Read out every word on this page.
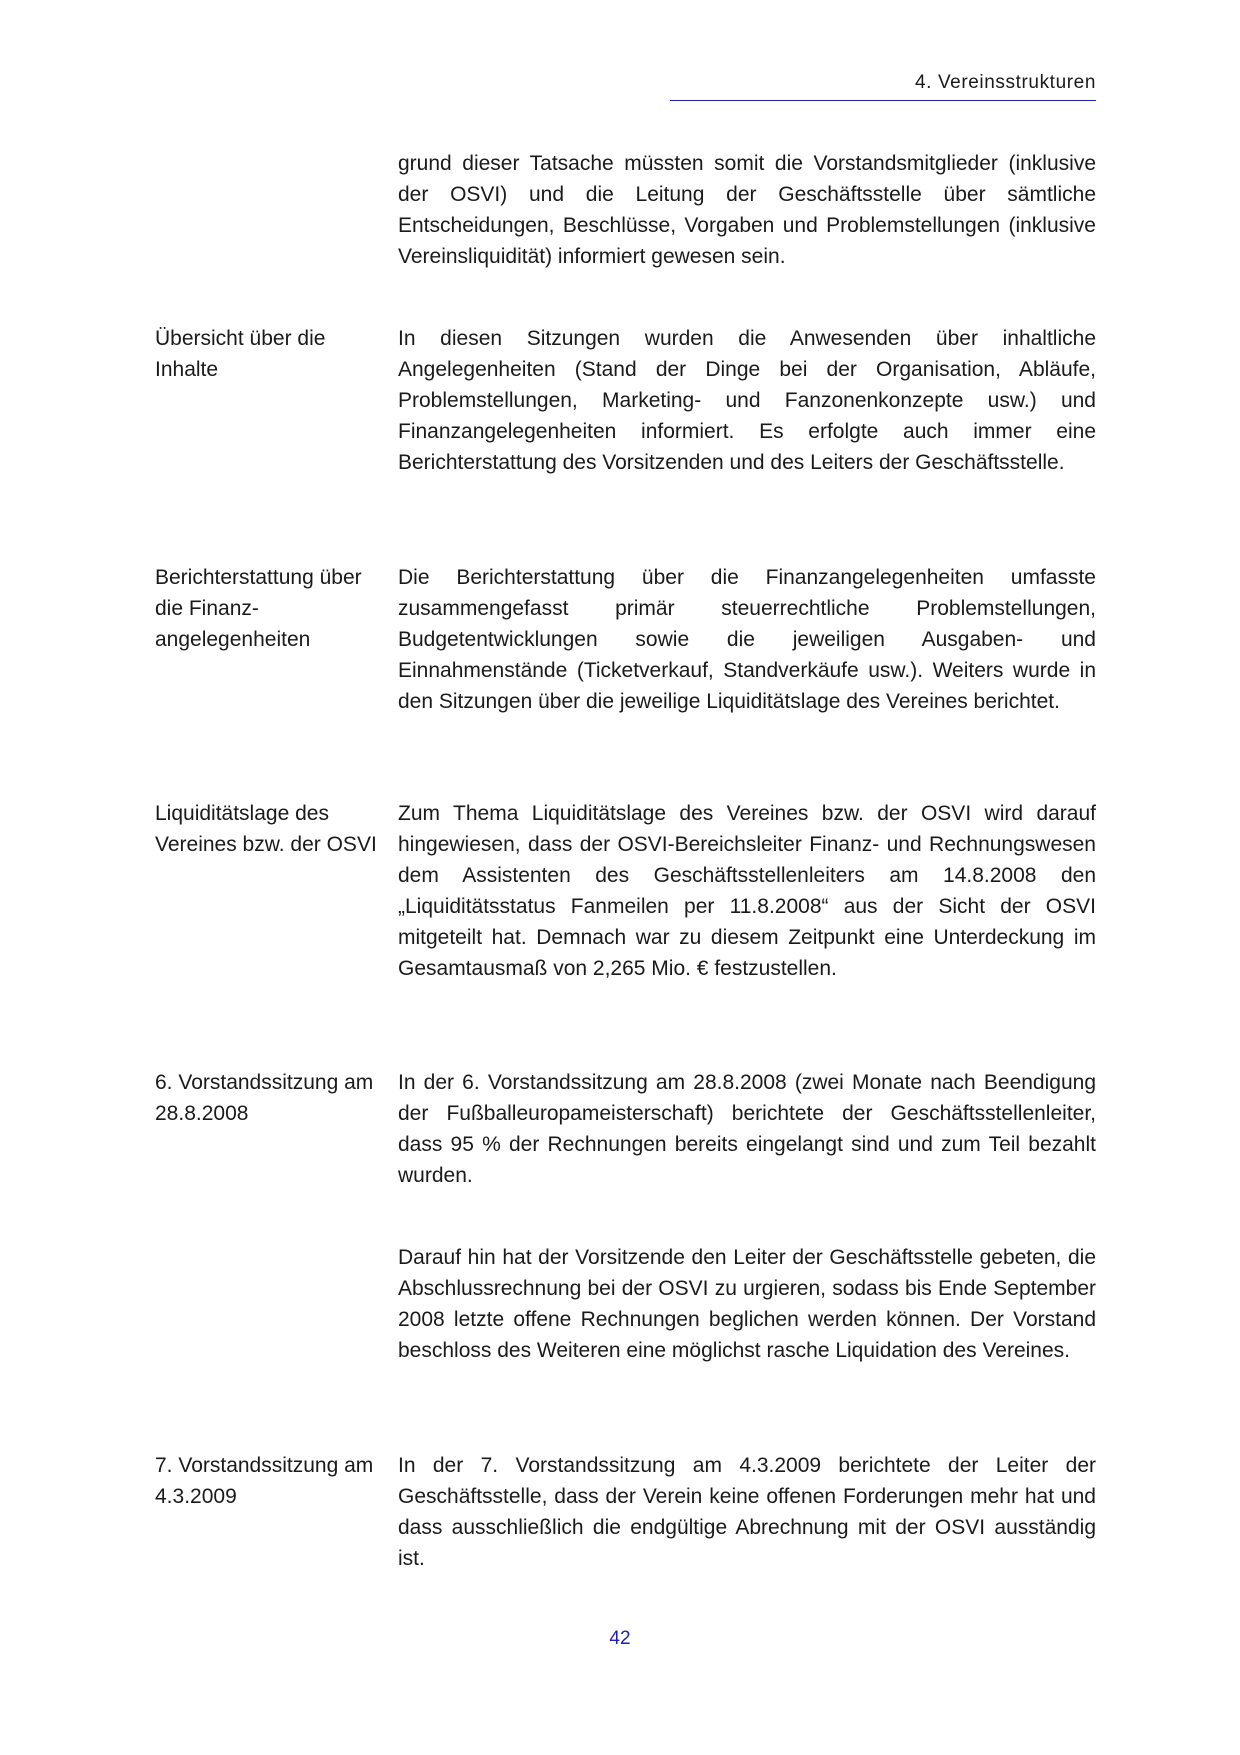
4. Vereinsstrukturen
grund dieser Tatsache müssten somit die Vorstandsmitglieder (inklusive der OSVI) und die Leitung der Geschäftsstelle über sämtliche Entscheidungen, Beschlüsse, Vorgaben und Problemstellungen (inklusive Vereinsliquidität) informiert gewesen sein.
Übersicht über die Inhalte
In diesen Sitzungen wurden die Anwesenden über inhaltliche Angelegenheiten (Stand der Dinge bei der Organisation, Abläufe, Problemstellungen, Marketing- und Fanzonenkonzepte usw.) und Finanzangelegenheiten informiert. Es erfolgte auch immer eine Berichterstattung des Vorsitzenden und des Leiters der Geschäftsstelle.
Berichterstattung über die Finanzangelegenheiten
Die Berichterstattung über die Finanzangelegenheiten umfasste zusammengefasst primär steuerrechtliche Problemstellungen, Budgetentwicklungen sowie die jeweiligen Ausgaben- und Einnahmenstände (Ticketverkauf, Standverkäufe usw.). Weiters wurde in den Sitzungen über die jeweilige Liquiditätslage des Vereines berichtet.
Liquiditätslage des Vereines bzw. der OSVI
Zum Thema Liquiditätslage des Vereines bzw. der OSVI wird darauf hingewiesen, dass der OSVI-Bereichsleiter Finanz- und Rechnungswesen dem Assistenten des Geschäftsstellenleiters am 14.8.2008 den „Liquiditätsstatus Fanmeilen per 11.8.2008“ aus der Sicht der OSVI mitgeteilt hat. Demnach war zu diesem Zeitpunkt eine Unterdeckung im Gesamtausmaß von 2,265 Mio. € festzustellen.
6. Vorstandssitzung am 28.8.2008
In der 6. Vorstandssitzung am 28.8.2008 (zwei Monate nach Beendigung der Fußballeuropameisterschaft) berichtete der Geschäftsstellenleiter, dass 95 % der Rechnungen bereits eingelangt sind und zum Teil bezahlt wurden.
Darauf hin hat der Vorsitzende den Leiter der Geschäftsstelle gebeten, die Abschlussrechnung bei der OSVI zu urgieren, sodass bis Ende September 2008 letzte offene Rechnungen beglichen werden können. Der Vorstand beschloss des Weiteren eine möglichst rasche Liquidation des Vereines.
7. Vorstandssitzung am 4.3.2009
In der 7. Vorstandssitzung am 4.3.2009 berichtete der Leiter der Geschäftsstelle, dass der Verein keine offenen Forderungen mehr hat und dass ausschließlich die endgültige Abrechnung mit der OSVI ausständig ist.
42
